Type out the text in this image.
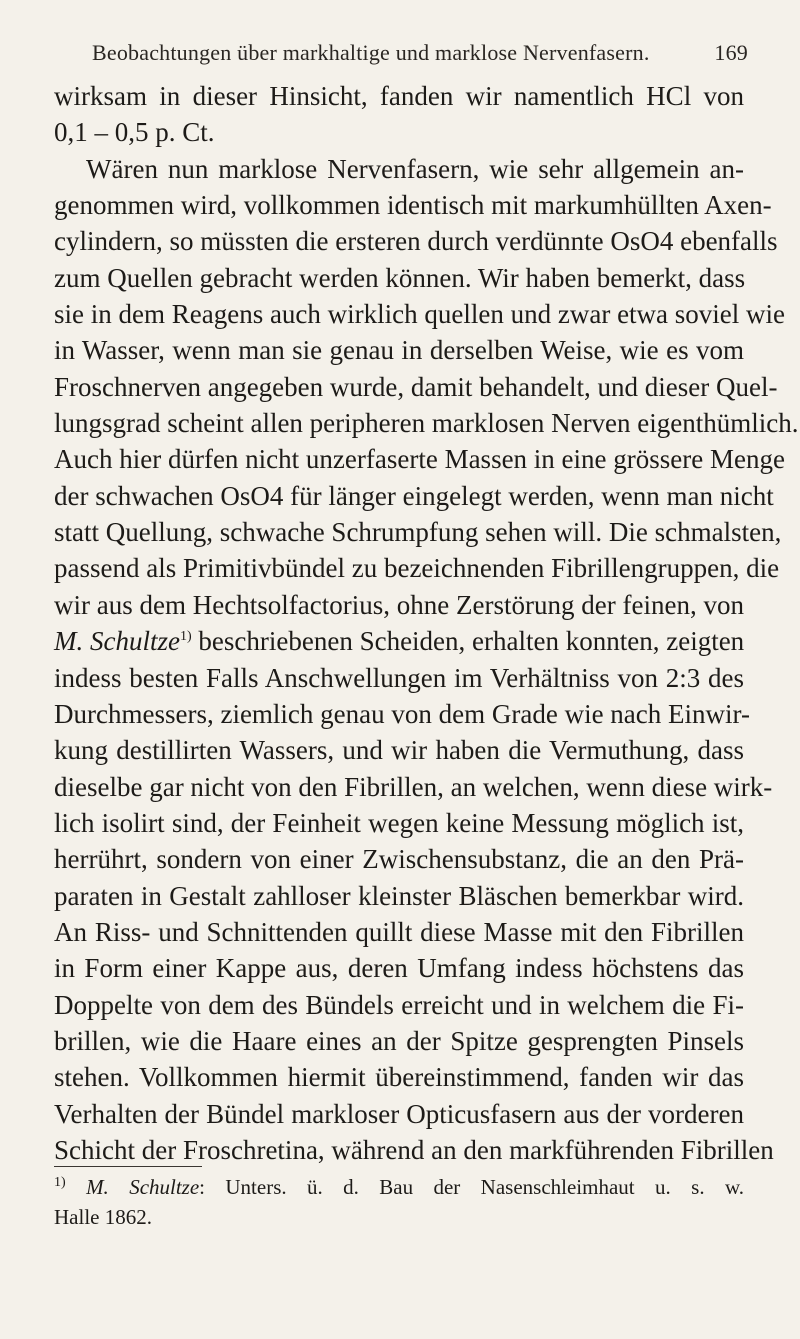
Beobachtungen über markhaltige und marklose Nervenfasern.	169
wirksam in dieser Hinsicht, fanden wir namentlich HCl von
0,1 – 0,5 p. Ct.
Wären nun marklose Nervenfasern, wie sehr allgemein an-
genommen wird, vollkommen identisch mit markumhüllten Axen-
cylindern, so müssten die ersteren durch verdünnte OsO4 ebenfalls
zum Quellen gebracht werden können. Wir haben bemerkt, dass
sie in dem Reagens auch wirklich quellen und zwar etwa soviel wie
in Wasser, wenn man sie genau in derselben Weise, wie es vom
Froschnerven angegeben wurde, damit behandelt, und dieser Quel-
lungsgrad scheint allen peripheren marklosen Nerven eigenthümlich.
Auch hier dürfen nicht unzerfaserte Massen in eine grössere Menge
der schwachen OsO4 für länger eingelegt werden, wenn man nicht
statt Quellung, schwache Schrumpfung sehen will. Die schmalsten,
passend als Primitivbündel zu bezeichnenden Fibrillengruppen, die
wir aus dem Hechtsolfactorius, ohne Zerstörung der feinen, von
M. Schultze$^{1)}$ beschriebenen Scheiden, erhalten konnten, zeigten
indess besten Falls Anschwellungen im Verhältniss von 2:3 des
Durchmessers, ziemlich genau von dem Grade wie nach Einwir-
kung destillirten Wassers, und wir haben die Vermuthung, dass
dieselbe gar nicht von den Fibrillen, an welchen, wenn diese wirk-
lich isolirt sind, der Feinheit wegen keine Messung möglich ist,
herrührt, sondern von einer Zwischensubstanz, die an den Prä-
paraten in Gestalt zahlloser kleinster Bläschen bemerkbar wird.
An Riss- und Schnittenden quillt diese Masse mit den Fibrillen
in Form einer Kappe aus, deren Umfang indess höchstens das
Doppelte von dem des Bündels erreicht und in welchem die Fi-
brillen, wie die Haare eines an der Spitze gesprengten Pinsels
stehen. Vollkommen hiermit übereinstimmend, fanden wir das
Verhalten der Bündel markloser Opticusfasern aus der vorderen
Schicht der Froschretina, während an den markführenden Fibrillen
$^{1)}$ M. Schultze: Unters. ü. d. Bau der Nasenschleimhaut u. s. w.
Halle 1862.
